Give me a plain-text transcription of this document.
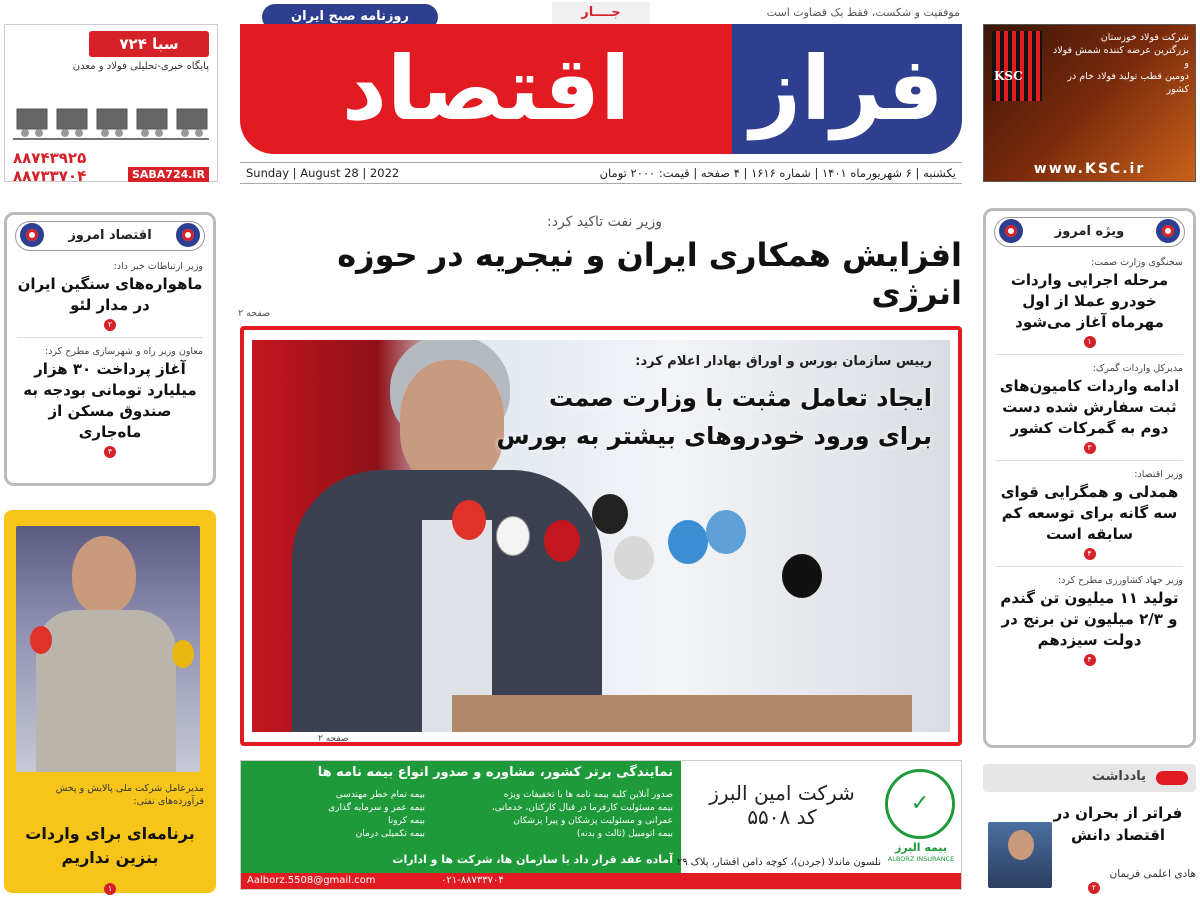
سبا ۷۲۴
پایگاه خبری-تحلیلی فولاد و معدن
۸۸۷۴۳۹۲۵
۸۸۷۳۳۷۰۴	SABA724.IR
روزنامه صبح ایران	جــــار	موفقیت و شکست، فقط یک قضاوت است
اقتصاد	فراز
Sunday | August 28 | 2022	یکشنبه | ۶ شهریورماه ۱۴۰۱ | شماره ۱۶۱۶ | ۴ صفحه | قیمت: ۲۰۰۰ تومان
KSC
شرکت فولاد خوزستان
بزرگترین عرضه کننده شمش فولاد و
دومین قطب تولید فولاد خام در کشور
www.KSC.ir
اقتصاد امروز
وزیر ارتباطات خبر داد:
ماهواره‌های سنگین ایران در مدار لئو
۲
معاون وزیر راه و شهرسازی مطرح کرد:
آغاز پرداخت ۳۰ هزار میلیارد تومانی بودجه به صندوق مسکن از ماه‌جاری
۴
مدیرعامل شرکت ملی پالایش و پخش فرآورده‌های نفتی:
برنامه‌ای برای واردات بنزین نداریم
۱
وزیر نفت تاکید کرد:
افزایش همکاری ایران و نیجریه در حوزه انرژی
صفحه ۲
رییس سازمان بورس و اوراق بهادار اعلام کرد:
ایجاد تعامل مثبت با وزارت صمت
برای ورود خودروهای بیشتر به بورس
صفحه ۲
نمایندگی برتر کشور، مشاوره و صدور انواع بیمه نامه ها
صدور آنلاین کلیه بیمه نامه ها با تخفیفات ویژه
بیمه مسئولیت کارفرما در قبال کارکنان، خدماتی،
عمرانی و مسئولیت پزشکان و پیرا پزشکان
بیمه اتومبیل (ثالث و بدنه)
بیمه تمام خطر مهندسی
بیمه عمر و سرمایه گذاری
بیمه کرونا
بیمه تکمیلی درمان
آماده عقد قرار داد با سازمان ها، شرکت ها و ادارات
شرکت امین البرز
کد ۵۵۰۸
✓
بیمه البرز
ALBORZ INSURANCE
نلسون ماندلا (جردن)، کوچه دامن افشار، پلاک ۲۹
Aalborz.5508@gmail.com	۰۲۱-۸۸۷۳۳۷۰۴
ویژه امروز
سخنگوی وزارت صمت:
مرحله اجرایی واردات خودرو عملا از اول مهرماه آغاز می‌شود
۱
مدیرکل واردات گمرک:
ادامه واردات کامیون‌های ثبت سفارش شده دست دوم به گمرکات کشور
۳
وزیر اقتصاد:
همدلی و همگرایی قوای سه گانه برای توسعه کم سابقه است
۴
وزیر جهاد کشاورزی مطرح کرد:
تولید ۱۱ میلیون تن گندم و ۲/۳ میلیون تن برنج در دولت سیزدهم
۴
یادداشت
فراتر از بحران در اقتصاد دانش
هادی اعلمی فریمان
۲
